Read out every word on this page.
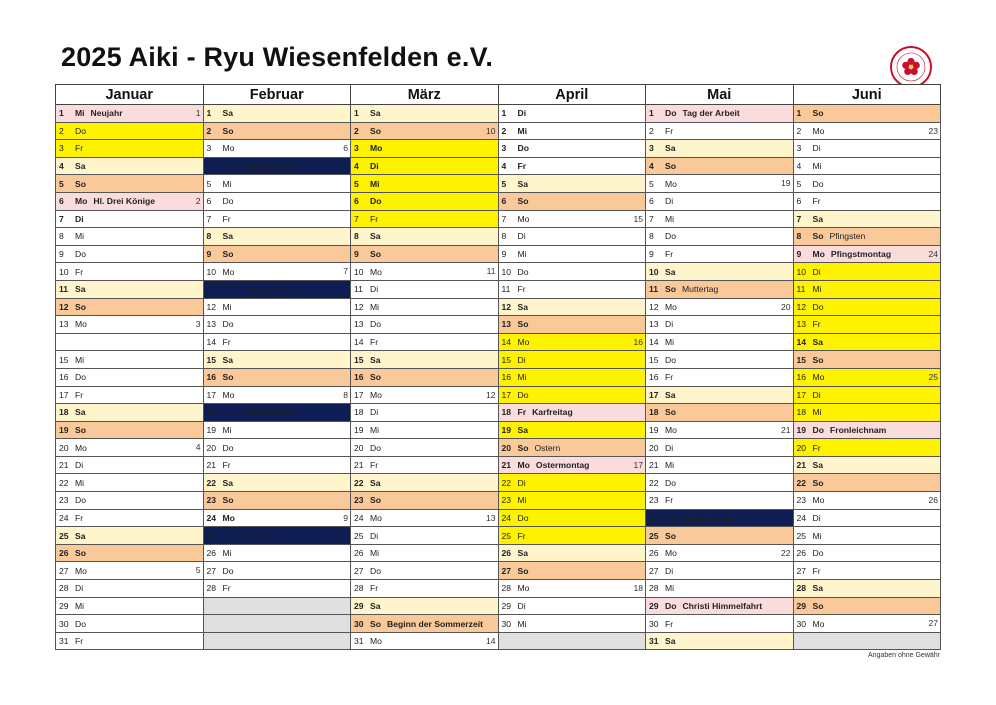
2025 Aiki - Ryu Wiesenfelden e.V.
Januar	Februar	März	April	Mai	Juni
1 Mi Neujahr 1	1 Sa	1 Sa	1 Di	1 Do Tag der Arbeit	1 So
2 Do	2 So	2 So 10	2 Mi	2 Fr	2 Mo 23

3 Fr	3 Mo 6	3 Mo	3 Do	3 Sa	3 Di
4 Sa	4 Di Einsteiger-Kurs	4 Di	4 Fr	4 So	4 Mi
5 So	5 Mi	5 Mi	5 Sa	5 Mo 19	5 Do
6 Mo Hl. Drei Könige 2	6 Do	6 Do	6 So	6 Di	6 Fr
7 Di	7 Fr	7 Fr	7 Mo 15	7 Mi	7 Sa
8 Mi	8 Sa	8 Sa	8 Di	8 Do	8 So Pfingsten
9 Do	9 So	9 So	9 Mi	9 Fr	9 Mo Pfingstmontag 24

10 Fr	10 Mo 7	10 Mo 11	10 Do	10 Sa	10 Di
11 Sa	11 Di Einsteiger-Kurs	11 Di	11 Fr	11 So Muttertag	11 Mi
12 So	12 Mi	12 Mi	12 Sa	12 Mo 20	12 Do
13 Mo 3	13 Do	13 Do	13 So	13 Di	13 Fr
	14 Fr	14 Fr	14 Mo 16	14 Mi	14 Sa
15 Mi	15 Sa	15 Sa	15 Di	15 Do	15 So
16 Do	16 So	16 So	16 Mi	16 Fr	16 Mo 25

17 Fr	17 Mo 8	17 Mo 12	17 Do	17 Sa	17 Di
18 Sa	18 Di Einsteiger-Kurs	18 Di	18 Fr Karfreitag	18 So	18 Mi
19 So	19 Mi	19 Mi	19 Sa	19 Mo 21	19 Do Fronleichnam
20 Mo 4	20 Do	20 Do	20 So Ostern	20 Di	20 Fr
21 Di	21 Fr	21 Fr	21 Mo Ostermontag 17	21 Mi	21 Sa
22 Mi	22 Sa	22 Sa	22 Di	22 Do	22 So
23 Do	23 So	23 So	23 Mi	23 Fr	23 Mo 26

24 Fr	24 Mo 9	24 Mo 13	24 Do	24 Sa Special Keiko	24 Di
25 Sa	25 Di SV-Kurs	25 Di	25 Fr	25 So	25 Mi
26 So	26 Mi	26 Mi	26 Sa	26 Mo 22	26 Do
27 Mo 5	27 Do	27 Do	27 So	27 Di	27 Fr
28 Di	28 Fr	28 Fr	28 Mo 18	28 Mi	28 Sa
29 Mi		29 Sa	29 Di	29 Do Christi Himmelfahrt	29 So
30 Do		30 So Beginn der Sommerzeit	30 Mi	30 Fr	30 Mo 27

31 Fr		31 Mo 14		31 Sa	
Angaben ohne Gewähr
